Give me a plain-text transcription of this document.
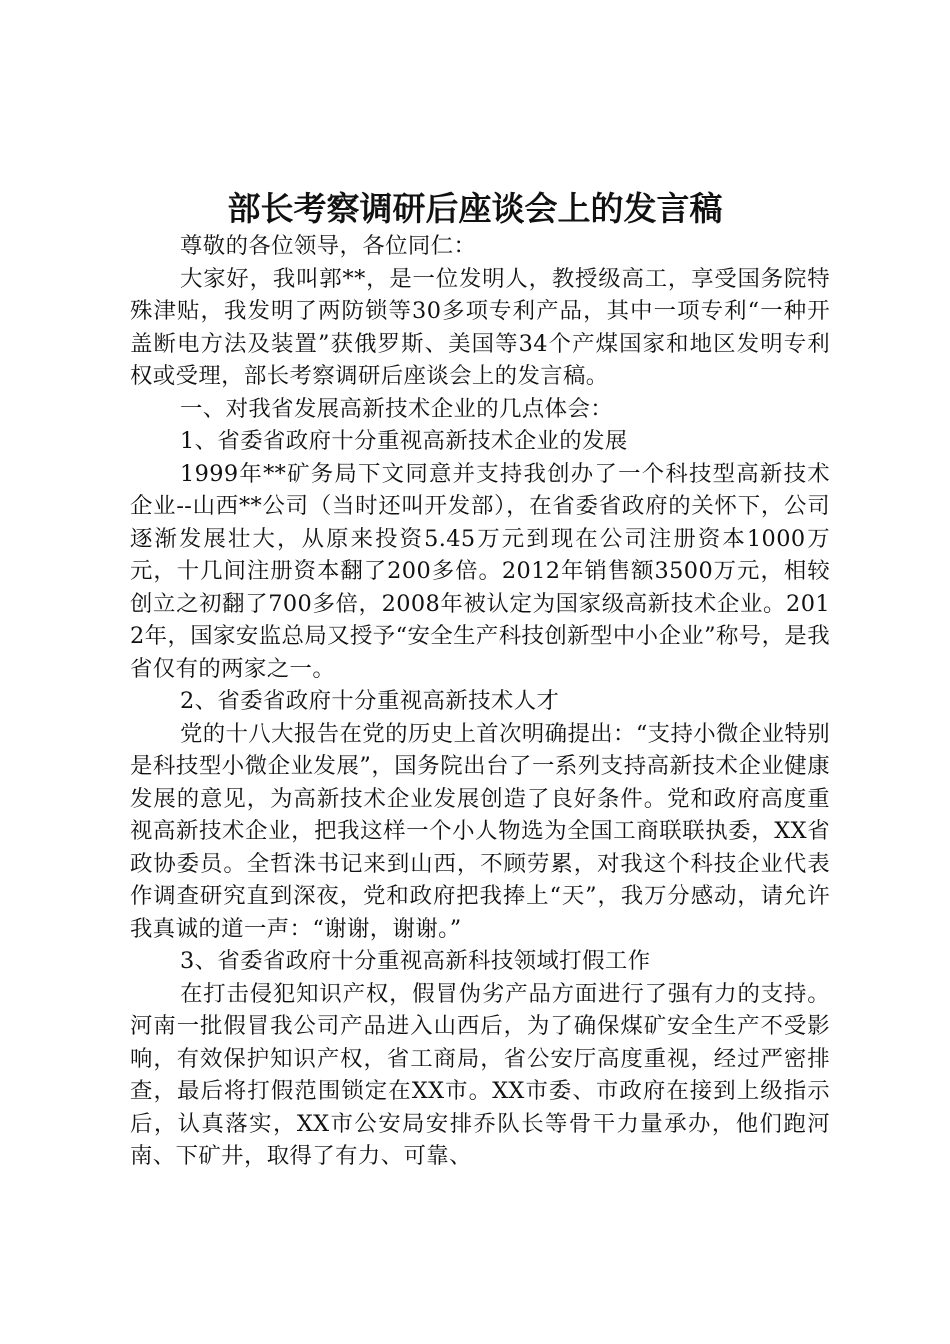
部长考察调研后座谈会上的发言稿

尊敬的各位领导，各位同仁：

大家好，我叫郭**，是一位发明人，教授级高工，享受国务院特殊津贴，我发明了两防锁等30多项专利产品，其中一项专利“一种开盖断电方法及装置”获俄罗斯、美国等34个产煤国家和地区发明专利权或受理，部长考察调研后座谈会上的发言稿。

一、对我省发展高新技术企业的几点体会：

1、省委省政府十分重视高新技术企业的发展

1999年**矿务局下文同意并支持我创办了一个科技型高新技术企业--山西**公司（当时还叫开发部），在省委省政府的关怀下，公司逐渐发展壮大，从原来投资5.45万元到现在公司注册资本1000万元，十几间注册资本翻了200多倍。2012年销售额3500万元，相较创立之初翻了700多倍，2008年被认定为国家级高新技术企业。2012年，国家安监总局又授予“安全生产科技创新型中小企业”称号，是我省仅有的两家之一。

2、省委省政府十分重视高新技术人才

党的十八大报告在党的历史上首次明确提出：“支持小微企业特别是科技型小微企业发展”，国务院出台了一系列支持高新技术企业健康发展的意见，为高新技术企业发展创造了良好条件。党和政府高度重视高新技术企业，把我这样一个小人物选为全国工商联联执委，XX省政协委员。全哲洙书记来到山西，不顾劳累，对我这个科技企业代表作调查研究直到深夜，党和政府把我捧上“天”，我万分感动，请允许我真诚的道一声：“谢谢，谢谢。”

3、省委省政府十分重视高新科技领域打假工作

在打击侵犯知识产权，假冒伪劣产品方面进行了强有力的支持。河南一批假冒我公司产品进入山西后，为了确保煤矿安全生产不受影响，有效保护知识产权，省工商局，省公安厅高度重视，经过严密排查，最后将打假范围锁定在XX市。XX市委、市政府在接到上级指示后，认真落实，XX市公安局安排乔队长等骨干力量承办，他们跑河南、下矿井，取得了有力、可靠、
